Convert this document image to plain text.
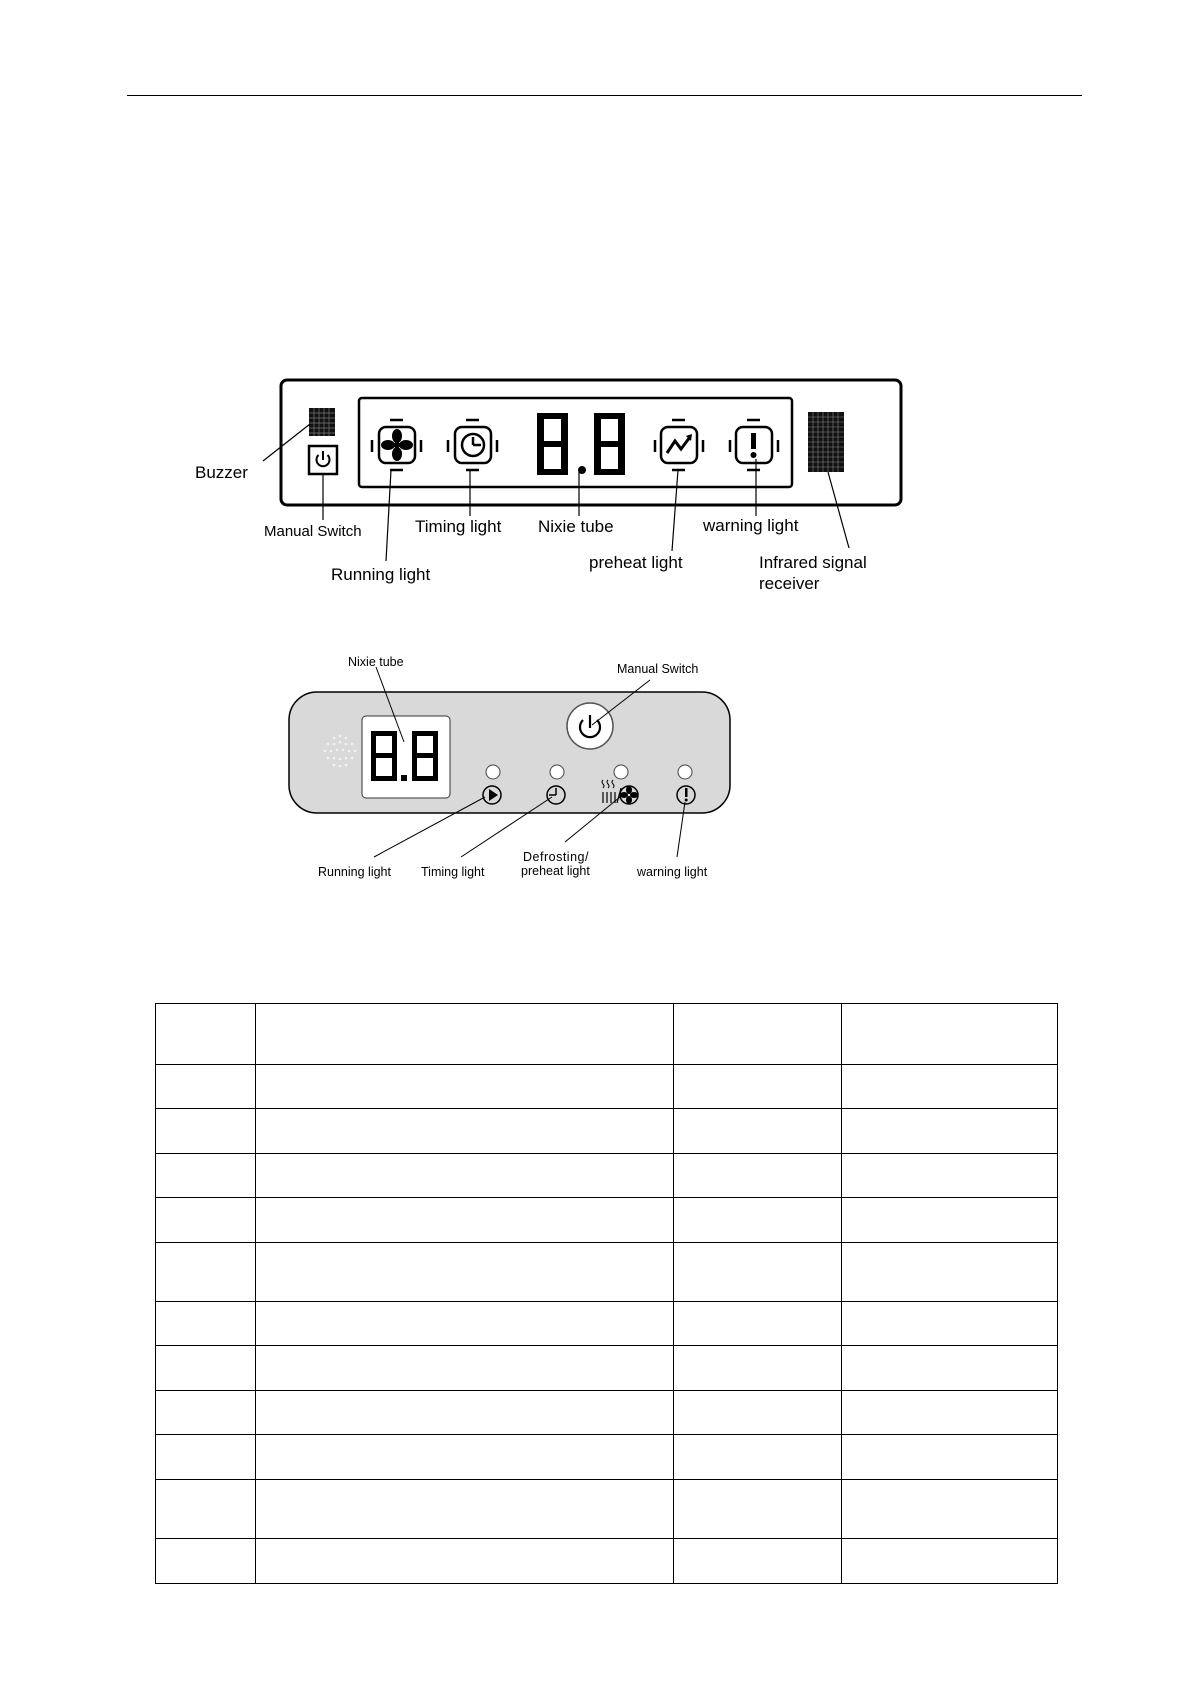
Buzzer
Manual Switch	Timing light Nixie tube	warning light
Running light
preheat light	Infrared signal
receiver
Nixie tube	Manual Switch
Running light Timing light
Defrosting/
preheat light	warning light
